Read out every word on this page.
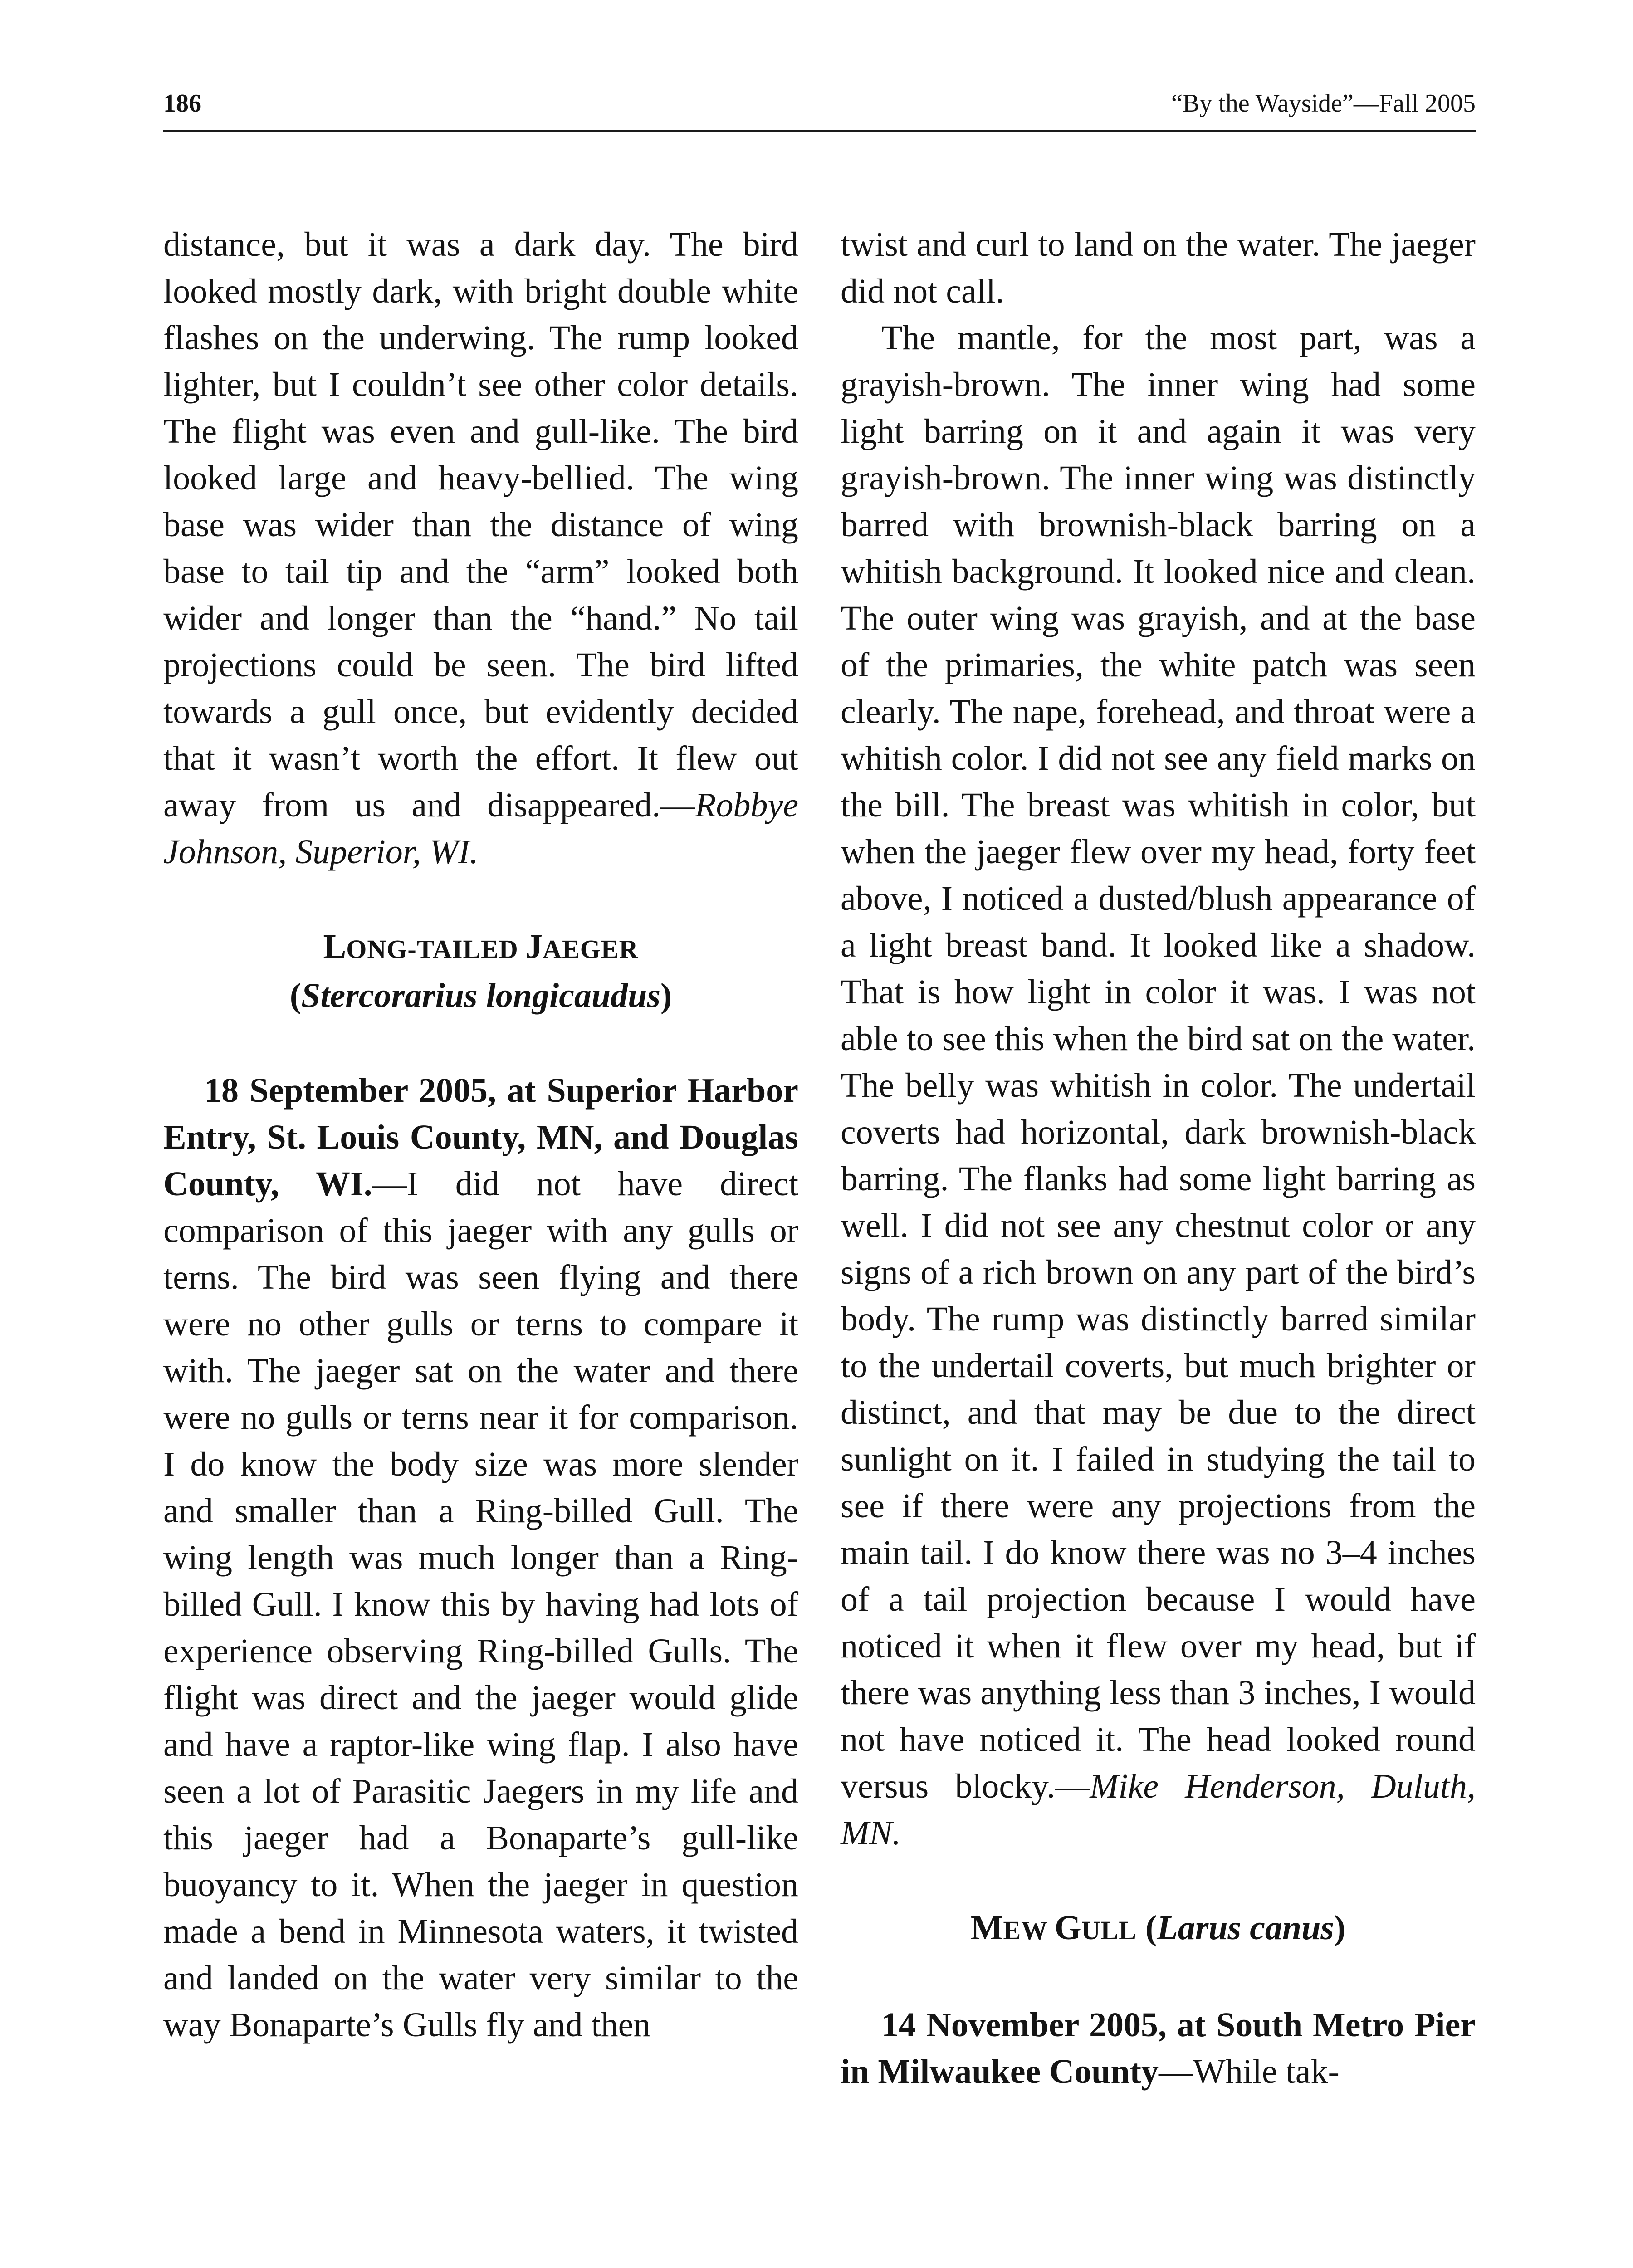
186	“By the Wayside”—Fall 2005

distance, but it was a dark day. The bird looked mostly dark, with bright double white flashes on the underwing. The rump looked lighter, but I couldn’t see other color details. The flight was even and gull-like. The bird looked large and heavy-bellied. The wing base was wider than the distance of wing base to tail tip and the “arm” looked both wider and longer than the “hand.” No tail projections could be seen. The bird lifted towards a gull once, but evidently decided that it wasn’t worth the effort. It flew out away from us and disappeared.—Robbye Johnson, Superior, WI.

LONG-TAILED JAEGER

(Stercorarius longicaudus)

18 September 2005, at Superior Harbor Entry, St. Louis County, MN, and Douglas County, WI.—I did not have direct comparison of this jaeger with any gulls or terns. The bird was seen flying and there were no other gulls or terns to compare it with. The jaeger sat on the water and there were no gulls or terns near it for comparison. I do know the body size was more slender and smaller than a Ring-billed Gull. The wing length was much longer than a Ring-billed Gull. I know this by having had lots of experience observing Ring-billed Gulls. The flight was direct and the jaeger would glide and have a raptor-like wing flap. I also have seen a lot of Parasitic Jaegers in my life and this jaeger had a Bonaparte’s gull-like buoyancy to it. When the jaeger in question made a bend in Minnesota waters, it twisted and landed on the water very similar to the way Bonaparte’s Gulls fly and then

twist and curl to land on the water. The jaeger did not call.

The mantle, for the most part, was a grayish-brown. The inner wing had some light barring on it and again it was very grayish-brown. The inner wing was distinctly barred with brownish-black barring on a whitish background. It looked nice and clean. The outer wing was grayish, and at the base of the primaries, the white patch was seen clearly. The nape, forehead, and throat were a whitish color. I did not see any field marks on the bill. The breast was whitish in color, but when the jaeger flew over my head, forty feet above, I noticed a dusted/blush appearance of a light breast band. It looked like a shadow. That is how light in color it was. I was not able to see this when the bird sat on the water. The belly was whitish in color. The undertail coverts had horizontal, dark brownish-black barring. The flanks had some light barring as well. I did not see any chestnut color or any signs of a rich brown on any part of the bird’s body. The rump was distinctly barred similar to the undertail coverts, but much brighter or distinct, and that may be due to the direct sunlight on it. I failed in studying the tail to see if there were any projections from the main tail. I do know there was no 3–4 inches of a tail projection because I would have noticed it when it flew over my head, but if there was anything less than 3 inches, I would not have noticed it. The head looked round versus blocky.—Mike Henderson, Duluth, MN.

MEW GULL (Larus canus)

14 November 2005, at South Metro Pier in Milwaukee County—While tak-
